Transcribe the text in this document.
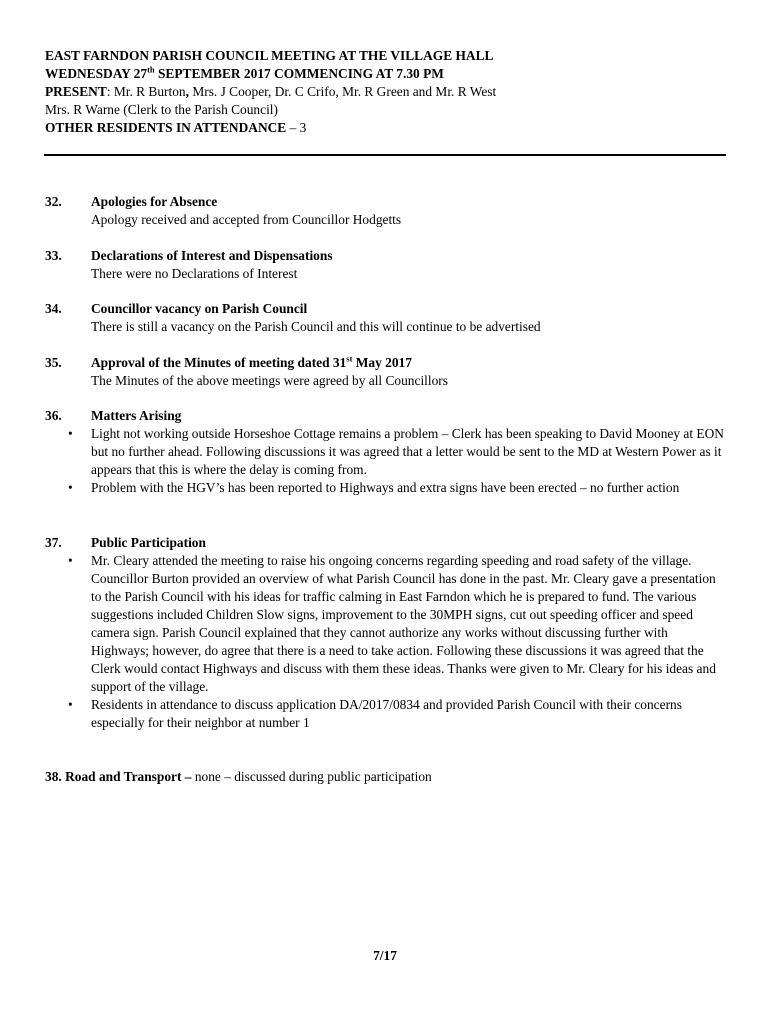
EAST FARNDON PARISH COUNCIL MEETING AT THE VILLAGE HALL
WEDNESDAY 27th SEPTEMBER 2017 COMMENCING AT 7.30 PM
PRESENT: Mr. R Burton, Mrs. J Cooper, Dr. C Crifo, Mr. R Green and Mr. R West
Mrs. R Warne (Clerk to the Parish Council)
OTHER RESIDENTS IN ATTENDANCE – 3
32. Apologies for Absence
Apology received and accepted from Councillor Hodgetts
33. Declarations of Interest and Dispensations
There were no Declarations of Interest
34. Councillor vacancy on Parish Council
There is still a vacancy on the Parish Council and this will continue to be advertised
35. Approval of the Minutes of meeting dated 31st May 2017
The Minutes of the above meetings were agreed by all Councillors
36. Matters Arising
• Light not working outside Horseshoe Cottage remains a problem – Clerk has been speaking to David Mooney at EON but no further ahead. Following discussions it was agreed that a letter would be sent to the MD at Western Power as it appears that this is where the delay is coming from.
• Problem with the HGV’s has been reported to Highways and extra signs have been erected – no further action
37. Public Participation
• Mr. Cleary attended the meeting to raise his ongoing concerns regarding speeding and road safety of the village. Councillor Burton provided an overview of what Parish Council has done in the past. Mr. Cleary gave a presentation to the Parish Council with his ideas for traffic calming in East Farndon which he is prepared to fund. The various suggestions included Children Slow signs, improvement to the 30MPH signs, cut out speeding officer and speed camera sign. Parish Council explained that they cannot authorize any works without discussing further with Highways; however, do agree that there is a need to take action. Following these discussions it was agreed that the Clerk would contact Highways and discuss with them these ideas. Thanks were given to Mr. Cleary for his ideas and support of the village.
• Residents in attendance to discuss application DA/2017/0834 and provided Parish Council with their concerns especially for their neighbor at number 1
38. Road and Transport – none – discussed during public participation
7/17
